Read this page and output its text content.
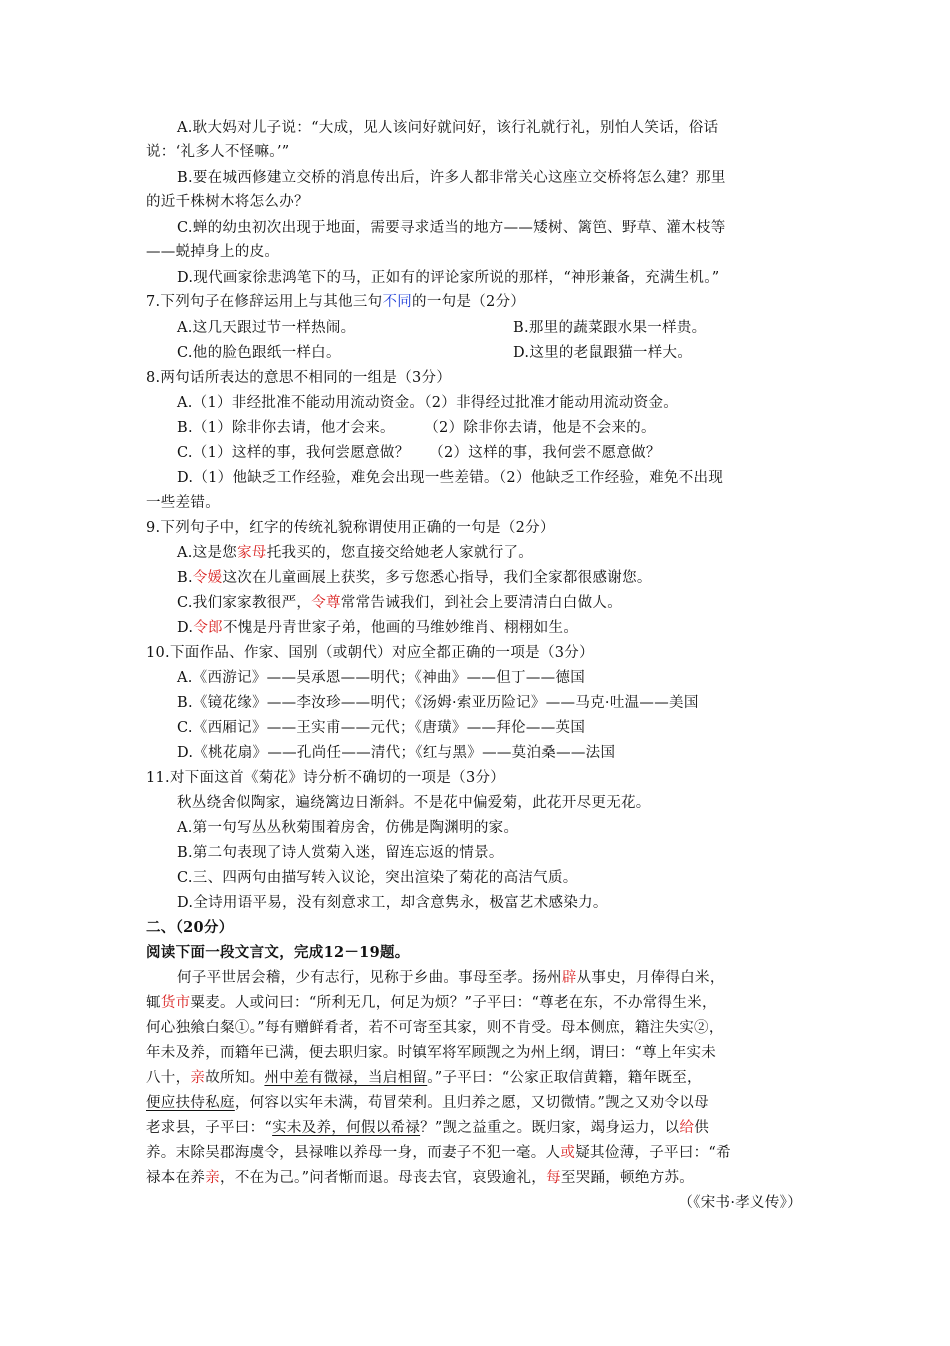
A.耿大妈对儿子说：“大成，见人该问好就问好，该行礼就行礼，别怕人笑话，俗话
说：‘礼多人不怪嘛。’”
B.要在城西修建立交桥的消息传出后，许多人都非常关心这座立交桥将怎么建？那里
的近千株树木将怎么办？
C.蝉的幼虫初次出现于地面，需要寻求适当的地方——矮树、篱笆、野草、灌木枝等
——蜕掉身上的皮。
D.现代画家徐悲鸿笔下的马，正如有的评论家所说的那样，“神形兼备，充满生机。”
7.下列句子在修辞运用上与其他三句不同的一句是（2分）
A.这几天跟过节一样热闹。	B.那里的蔬菜跟水果一样贵。
C.他的脸色跟纸一样白。	D.这里的老鼠跟猫一样大。
8.两句话所表达的意思不相同的一组是（3分）
A.（1）非经批准不能动用流动资金。（2）非得经过批准才能动用流动资金。
B.（1）除非你去请，他才会来。      （2）除非你去请，他是不会来的。
C.（1）这样的事，我何尝愿意做？    （2）这样的事，我何尝不愿意做？
D.（1）他缺乏工作经验，难免会出现一些差错。（2）他缺乏工作经验，难免不出现
一些差错。
9.下列句子中，红字的传统礼貌称谓使用正确的一句是（2分）
A.这是您家母托我买的，您直接交给她老人家就行了。
B.令媛这次在儿童画展上获奖，多亏您悉心指导，我们全家都很感谢您。
C.我们家家教很严，令尊常常告诫我们，到社会上要清清白白做人。
D.令郎不愧是丹青世家子弟，他画的马维妙维肖、栩栩如生。
10.下面作品、作家、国别（或朝代）对应全都正确的一项是（3分）
A.《西游记》——吴承恩——明代；《神曲》——但丁——德国
B.《镜花缘》——李汝珍——明代；《汤姆·索亚历险记》——马克·吐温——美国
C.《西厢记》——王实甫——元代；《唐璜》——拜伦——英国
D.《桃花扇》——孔尚任——清代；《红与黑》——莫泊桑——法国
11.对下面这首《菊花》诗分析不确切的一项是（3分）
秋丛绕舍似陶家，遍绕篱边日渐斜。不是花中偏爱菊，此花开尽更无花。
A.第一句写丛丛秋菊围着房舍，仿佛是陶渊明的家。
B.第二句表现了诗人赏菊入迷，留连忘返的情景。
C.三、四两句由描写转入议论，突出渲染了菊花的高洁气质。
D.全诗用语平易，没有刻意求工，却含意隽永，极富艺术感染力。
二、（20分）
阅读下面一段文言文，完成12－19题。
何子平世居会稽，少有志行，见称于乡曲。事母至孝。扬州辟从事史，月俸得白米，
辄货市粟麦。人或问曰：“所利无几，何足为烦？”子平曰：“尊老在东，不办常得生米，
何心独飨白粲①。”每有赠鲜肴者，若不可寄至其家，则不肯受。母本侧庶，籍注失实②，
年未及养，而籍年已满，便去职归家。时镇军将军顾觊之为州上纲，谓曰：“尊上年实未
八十，亲故所知。州中差有微禄，当启相留。”子平曰：“公家正取信黄籍，籍年既至，
便应扶侍私庭，何容以实年未满，苟冒荣利。且归养之愿，又切微情。”觊之又劝令以母
老求县，子平曰：“实未及养，何假以希禄？”觊之益重之。既归家，竭身运力，以给供
养。末除吴郡海虞令，县禄唯以养母一身，而妻子不犯一毫。人或疑其俭薄，子平曰：“希
禄本在养亲，不在为己。”问者惭而退。母丧去官，哀毁逾礼，每至哭踊，顿绝方苏。
（《宋书·孝义传》）
